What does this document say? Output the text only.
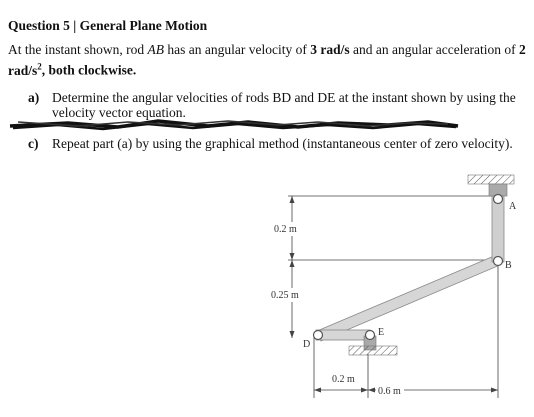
Question 5 | General Plane Motion
At the instant shown, rod AB has an angular velocity of 3 rad/s and an angular acceleration of 2
rad/$s^2$, both clockwise.
a) Determine the angular velocities of rods BD and DE at the instant shown by using the velocity vector equation.
c) Repeat part (a) by using the graphical method (instantaneous center of zero velocity).
0.2 m
0.25 m
0.2 m
0.6 m
A
B
D
E
